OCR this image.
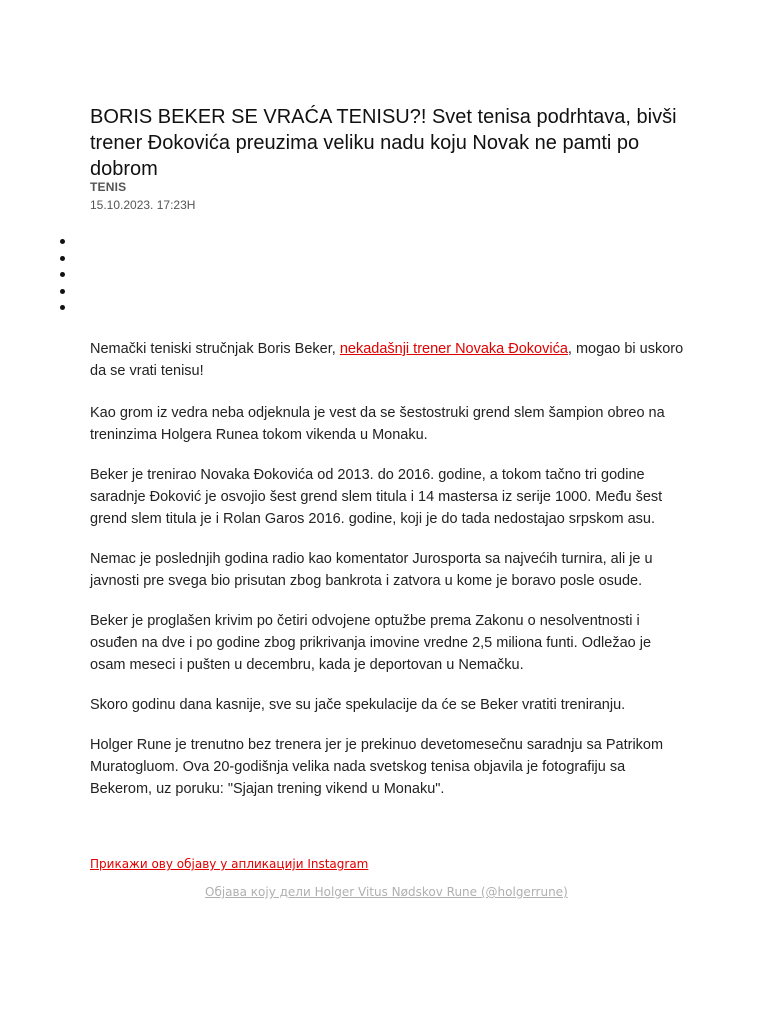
BORIS BEKER SE VRAĆA TENISU?! Svet tenisa podrhtava, bivši trener Đokovića preuzima veliku nadu koju Novak ne pamti po dobrom
TENIS
15.10.2023. 17:23H

Nemački teniski stručnjak Boris Beker, nekadašnji trener Novaka Đokovića, mogao bi uskoro da se vrati tenisu!

Kao grom iz vedra neba odjeknula je vest da se šestostruki grend slem šampion obreo na treninzima Holgera Runea tokom vikenda u Monaku.

Beker je trenirao Novaka Đokovića od 2013. do 2016. godine, a tokom tačno tri godine saradnje Đoković je osvojio šest grend slem titula i 14 mastersa iz serije 1000. Među šest grend slem titula je i Rolan Garos 2016. godine, koji je do tada nedostajao srpskom asu.

Nemac je poslednjih godina radio kao komentator Jurosporta sa najvećih turnira, ali je u javnosti pre svega bio prisutan zbog bankrota i zatvora u kome je boravo posle osude.

Beker je proglašen krivim po četiri odvojene optužbe prema Zakonu o nesolventnosti i osuđen na dve i po godine zbog prikrivanja imovine vredne 2,5 miliona funti. Odležao je osam meseci i pušten u decembru, kada je deportovan u Nemačku.

Skoro godinu dana kasnije, sve su jače spekulacije da će se Beker vratiti treniranju.

Holger Rune je trenutno bez trenera jer je prekinuo devetomesečnu saradnju sa Patrikom Muratogluom. Ova 20-godišnja velika nada svetskog tenisa objavila je fotografiju sa Bekerom, uz poruku: "Sjajan trening vikend u Monaku".

Прикажи ову објаву у апликацији Instagram
Објава коју дели Holger Vitus Nødskov Rune (@holgerrune)
